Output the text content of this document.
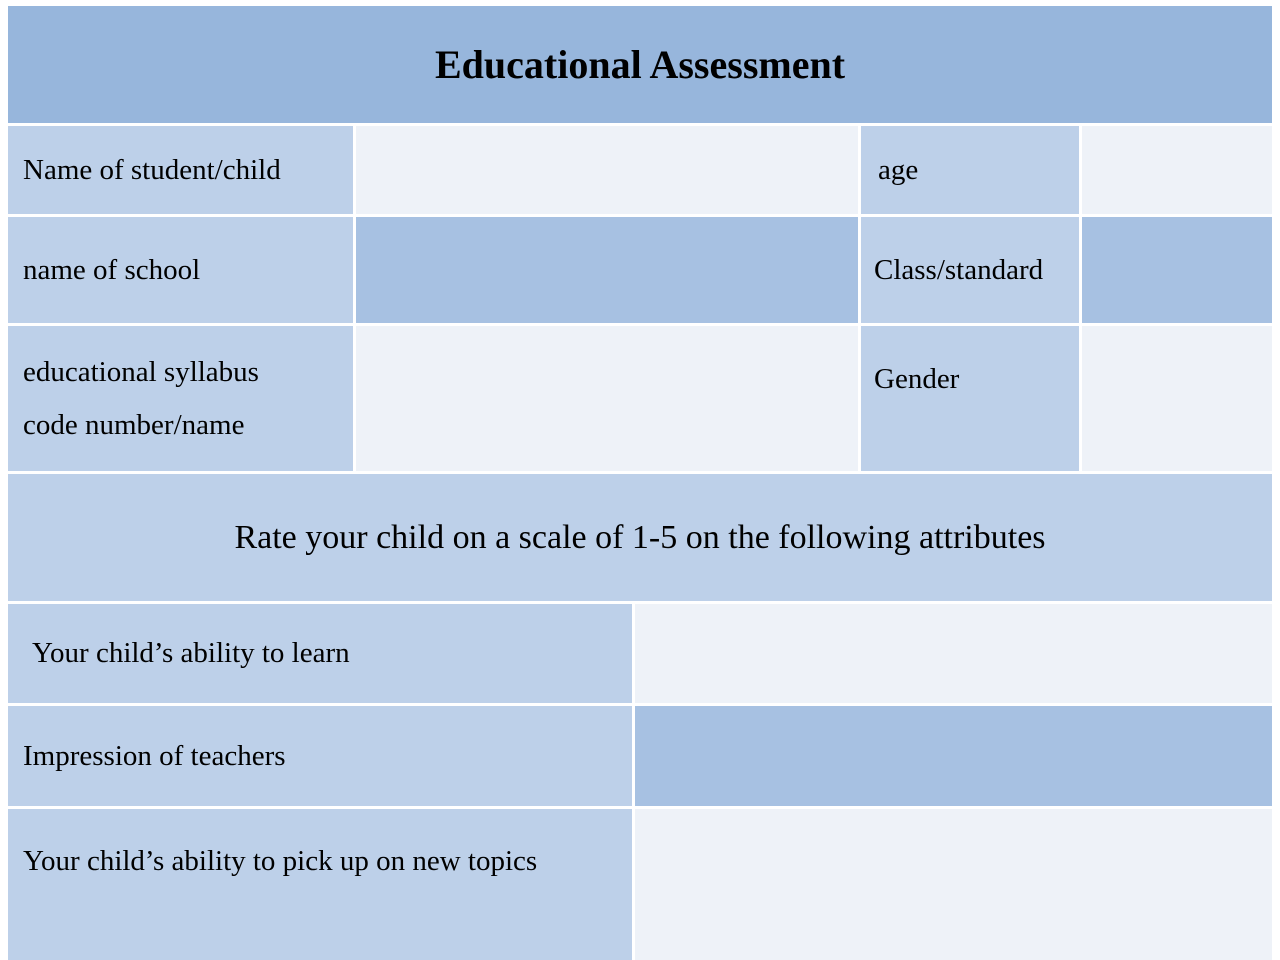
Educational Assessment
Name of student/child	age
name of school	Class/standard
educational syllabus
code number/name
Gender
Rate your child on a scale of 1-5 on the following attributes
Your child’s ability to learn
Impression of teachers
Your child’s ability to pick up on new topics
